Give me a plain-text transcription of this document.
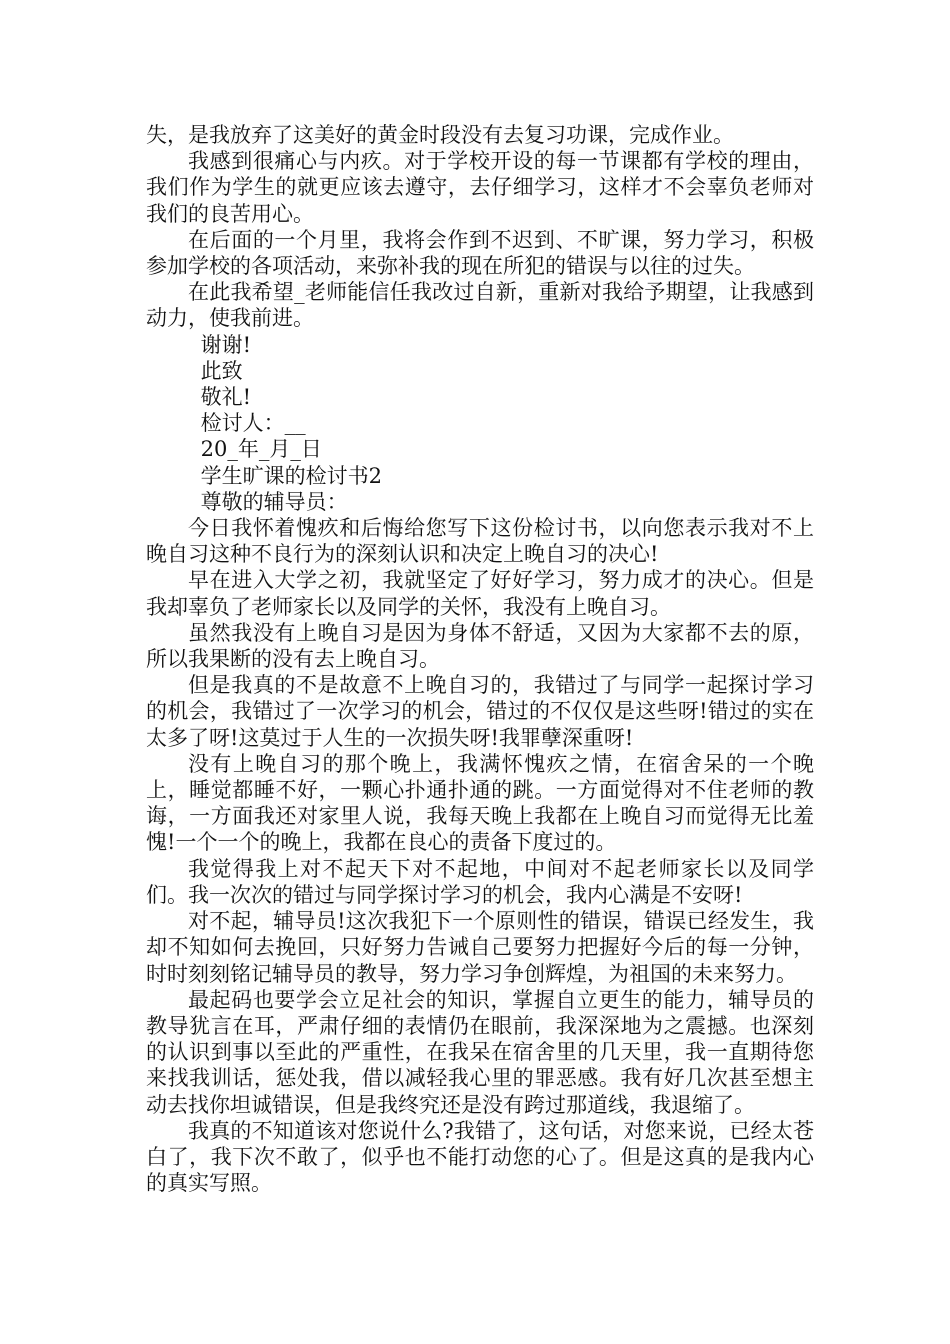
失，是我放弃了这美好的黄金时段没有去复习功课，完成作业。

我感到很痛心与内疚。对于学校开设的每一节课都有学校的理由，我们作为学生的就更应该去遵守，去仔细学习，这样才不会辜负老师对我们的良苦用心。

在后面的一个月里，我将会作到不迟到、不旷课，努力学习，积极参加学校的各项活动，来弥补我的现在所犯的错误与以往的过失。

在此我希望_老师能信任我改过自新，重新对我给予期望，让我感到动力，使我前进。

谢谢!

此致

敬礼!

检讨人：__

20_年_月_日

学生旷课的检讨书2

尊敬的辅导员：

今日我怀着愧疚和后悔给您写下这份检讨书，以向您表示我对不上晚自习这种不良行为的深刻认识和决定上晚自习的决心!

早在进入大学之初，我就坚定了好好学习，努力成才的决心。但是我却辜负了老师家长以及同学的关怀，我没有上晚自习。

虽然我没有上晚自习是因为身体不舒适，又因为大家都不去的原，所以我果断的没有去上晚自习。

但是我真的不是故意不上晚自习的，我错过了与同学一起探讨学习的机会，我错过了一次学习的机会，错过的不仅仅是这些呀!错过的实在太多了呀!这莫过于人生的一次损失呀!我罪孽深重呀!

没有上晚自习的那个晚上，我满怀愧疚之情，在宿舍呆的一个晚上，睡觉都睡不好，一颗心扑通扑通的跳。一方面觉得对不住老师的教诲，一方面我还对家里人说，我每天晚上我都在上晚自习而觉得无比羞愧!一个一个的晚上，我都在良心的责备下度过的。

我觉得我上对不起天下对不起地，中间对不起老师家长以及同学们。我一次次的错过与同学探讨学习的机会，我内心满是不安呀!

对不起，辅导员!这次我犯下一个原则性的错误，错误已经发生，我却不知如何去挽回，只好努力告诫自己要努力把握好今后的每一分钟，时时刻刻铭记辅导员的教导，努力学习争创辉煌，为祖国的未来努力。

最起码也要学会立足社会的知识，掌握自立更生的能力，辅导员的教导犹言在耳，严肃仔细的表情仍在眼前，我深深地为之震撼。也深刻的认识到事以至此的严重性，在我呆在宿舍里的几天里，我一直期待您来找我训话，惩处我，借以减轻我心里的罪恶感。我有好几次甚至想主动去找你坦诚错误，但是我终究还是没有跨过那道线，我退缩了。

我真的不知道该对您说什么?我错了，这句话，对您来说，已经太苍白了，我下次不敢了，似乎也不能打动您的心了。但是这真的是我内心的真实写照。
